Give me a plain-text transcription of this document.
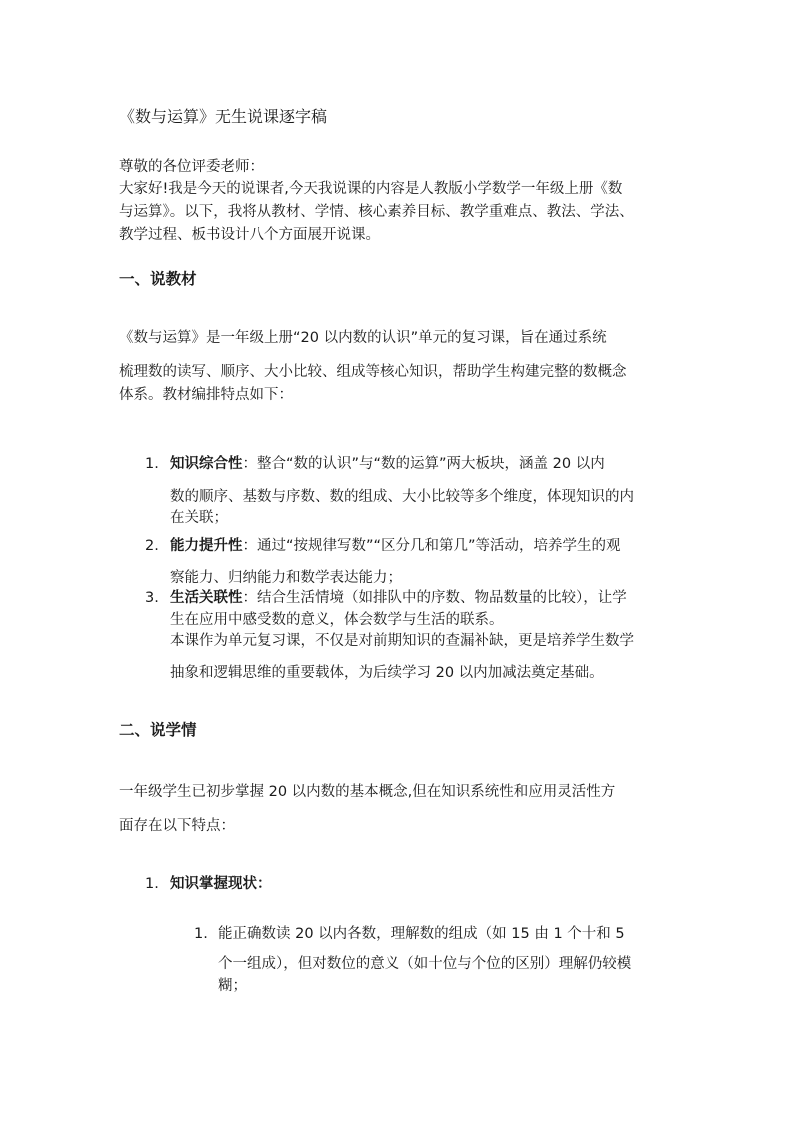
《数与运算》无生说课逐字稿
尊敬的各位评委老师：
大家好!我是今天的说课者,今天我说课的内容是人教版小学数学一年级上册《数
与运算》。以下，我将从教材、学情、核心素养目标、教学重难点、教法、学法、
教学过程、板书设计八个方面展开说课。
一、说教材
《数与运算》是一年级上册“20 以内数的认识”单元的复习课，旨在通过系统
梳理数的读写、顺序、大小比较、组成等核心知识，帮助学生构建完整的数概念
体系。教材编排特点如下：
1. 知识综合性：整合“数的认识”与“数的运算”两大板块，涵盖 20 以内
数的顺序、基数与序数、数的组成、大小比较等多个维度，体现知识的内
在关联；
2. 能力提升性：通过“按规律写数”“区分几和第几”等活动，培养学生的观
察能力、归纳能力和数学表达能力；
3. 生活关联性：结合生活情境（如排队中的序数、物品数量的比较），让学
生在应用中感受数的意义，体会数学与生活的联系。
本课作为单元复习课，不仅是对前期知识的查漏补缺，更是培养学生数学
抽象和逻辑思维的重要载体，为后续学习 20 以内加减法奠定基础。
二、说学情
一年级学生已初步掌握 20 以内数的基本概念,但在知识系统性和应用灵活性方
面存在以下特点：
1. 知识掌握现状：
1. 能正确数读 20 以内各数，理解数的组成（如 15 由 1 个十和 5
个一组成），但对数位的意义（如十位与个位的区别）理解仍较模
糊；
